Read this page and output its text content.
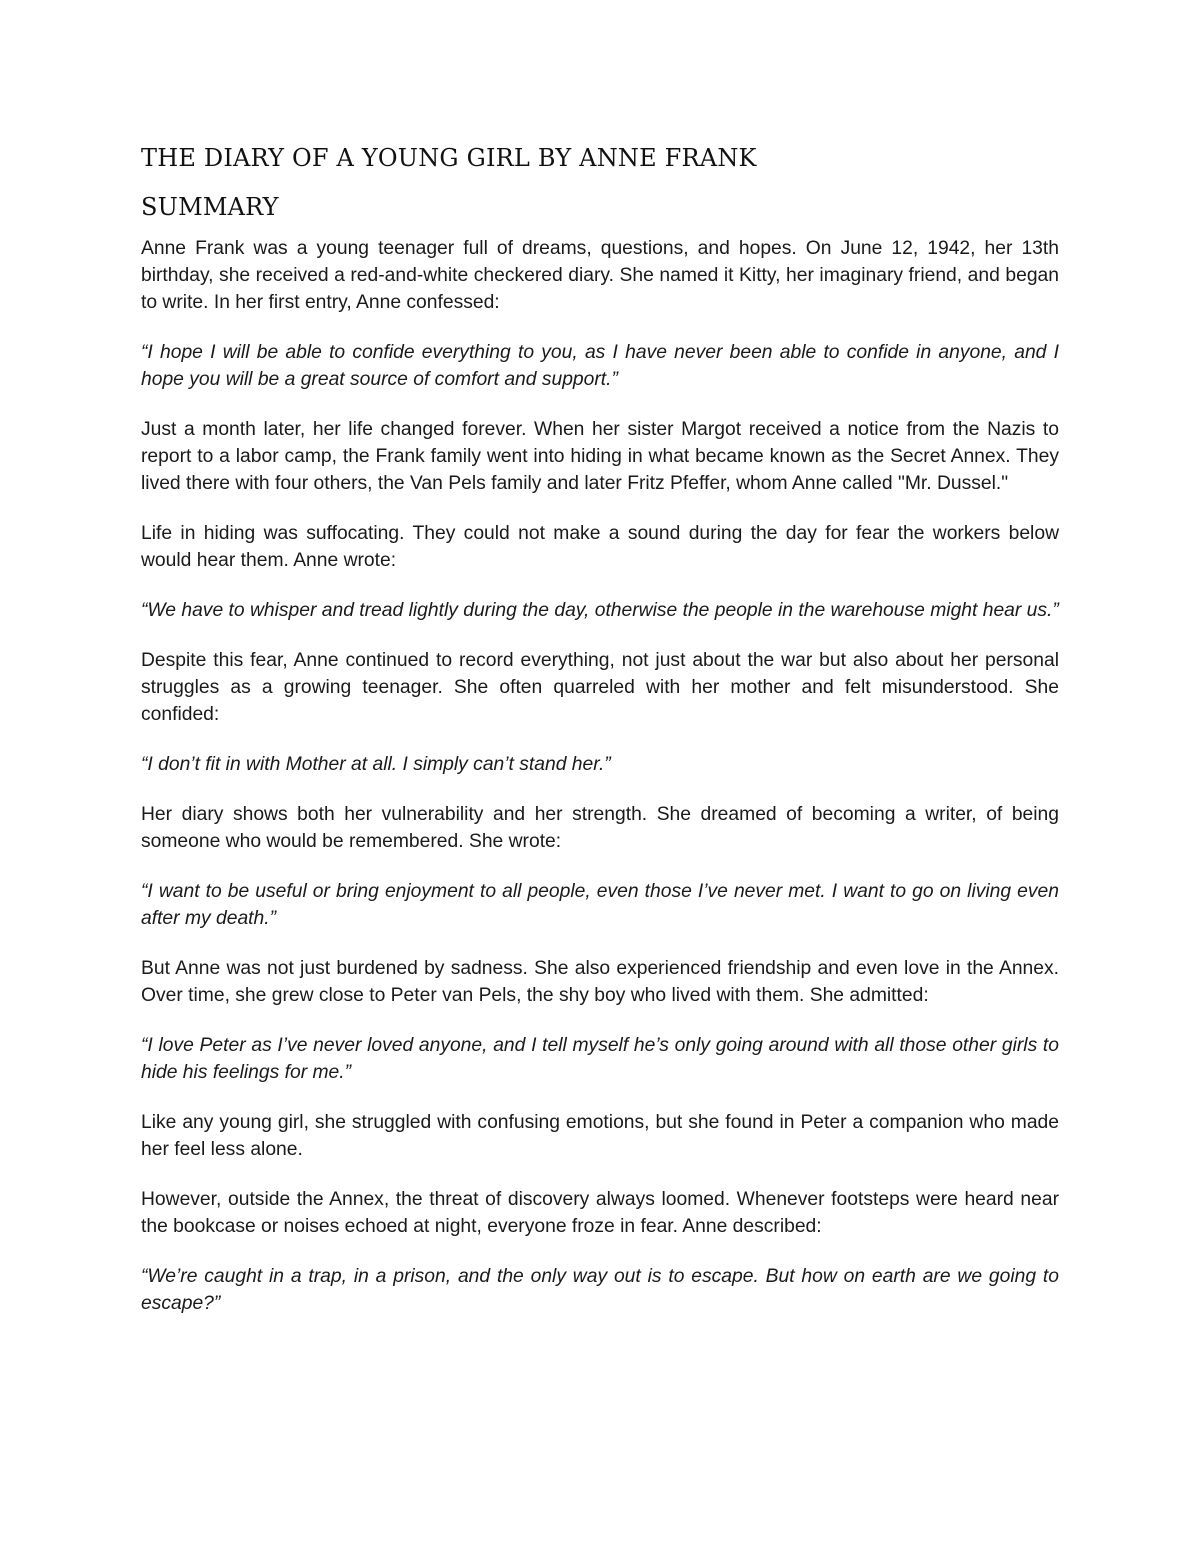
THE DIARY OF A YOUNG GIRL BY ANNE FRANK
SUMMARY

Anne Frank was a young teenager full of dreams, questions, and hopes. On June 12, 1942, her 13th birthday, she received a red-and-white checkered diary. She named it Kitty, her imaginary friend, and began to write. In her first entry, Anne confessed:

“I hope I will be able to confide everything to you, as I have never been able to confide in anyone, and I hope you will be a great source of comfort and support.”

Just a month later, her life changed forever. When her sister Margot received a notice from the Nazis to report to a labor camp, the Frank family went into hiding in what became known as the Secret Annex. They lived there with four others, the Van Pels family and later Fritz Pfeffer, whom Anne called "Mr. Dussel."

Life in hiding was suffocating. They could not make a sound during the day for fear the workers below would hear them. Anne wrote:

“We have to whisper and tread lightly during the day, otherwise the people in the warehouse might hear us.”

Despite this fear, Anne continued to record everything, not just about the war but also about her personal struggles as a growing teenager. She often quarreled with her mother and felt misunderstood. She confided:

“I don’t fit in with Mother at all. I simply can’t stand her.”

Her diary shows both her vulnerability and her strength. She dreamed of becoming a writer, of being someone who would be remembered. She wrote:

“I want to be useful or bring enjoyment to all people, even those I’ve never met. I want to go on living even after my death.”

But Anne was not just burdened by sadness. She also experienced friendship and even love in the Annex. Over time, she grew close to Peter van Pels, the shy boy who lived with them. She admitted:

“I love Peter as I’ve never loved anyone, and I tell myself he’s only going around with all those other girls to hide his feelings for me.”

Like any young girl, she struggled with confusing emotions, but she found in Peter a companion who made her feel less alone.

However, outside the Annex, the threat of discovery always loomed. Whenever footsteps were heard near the bookcase or noises echoed at night, everyone froze in fear. Anne described:

“We’re caught in a trap, in a prison, and the only way out is to escape. But how on earth are we going to escape?”
